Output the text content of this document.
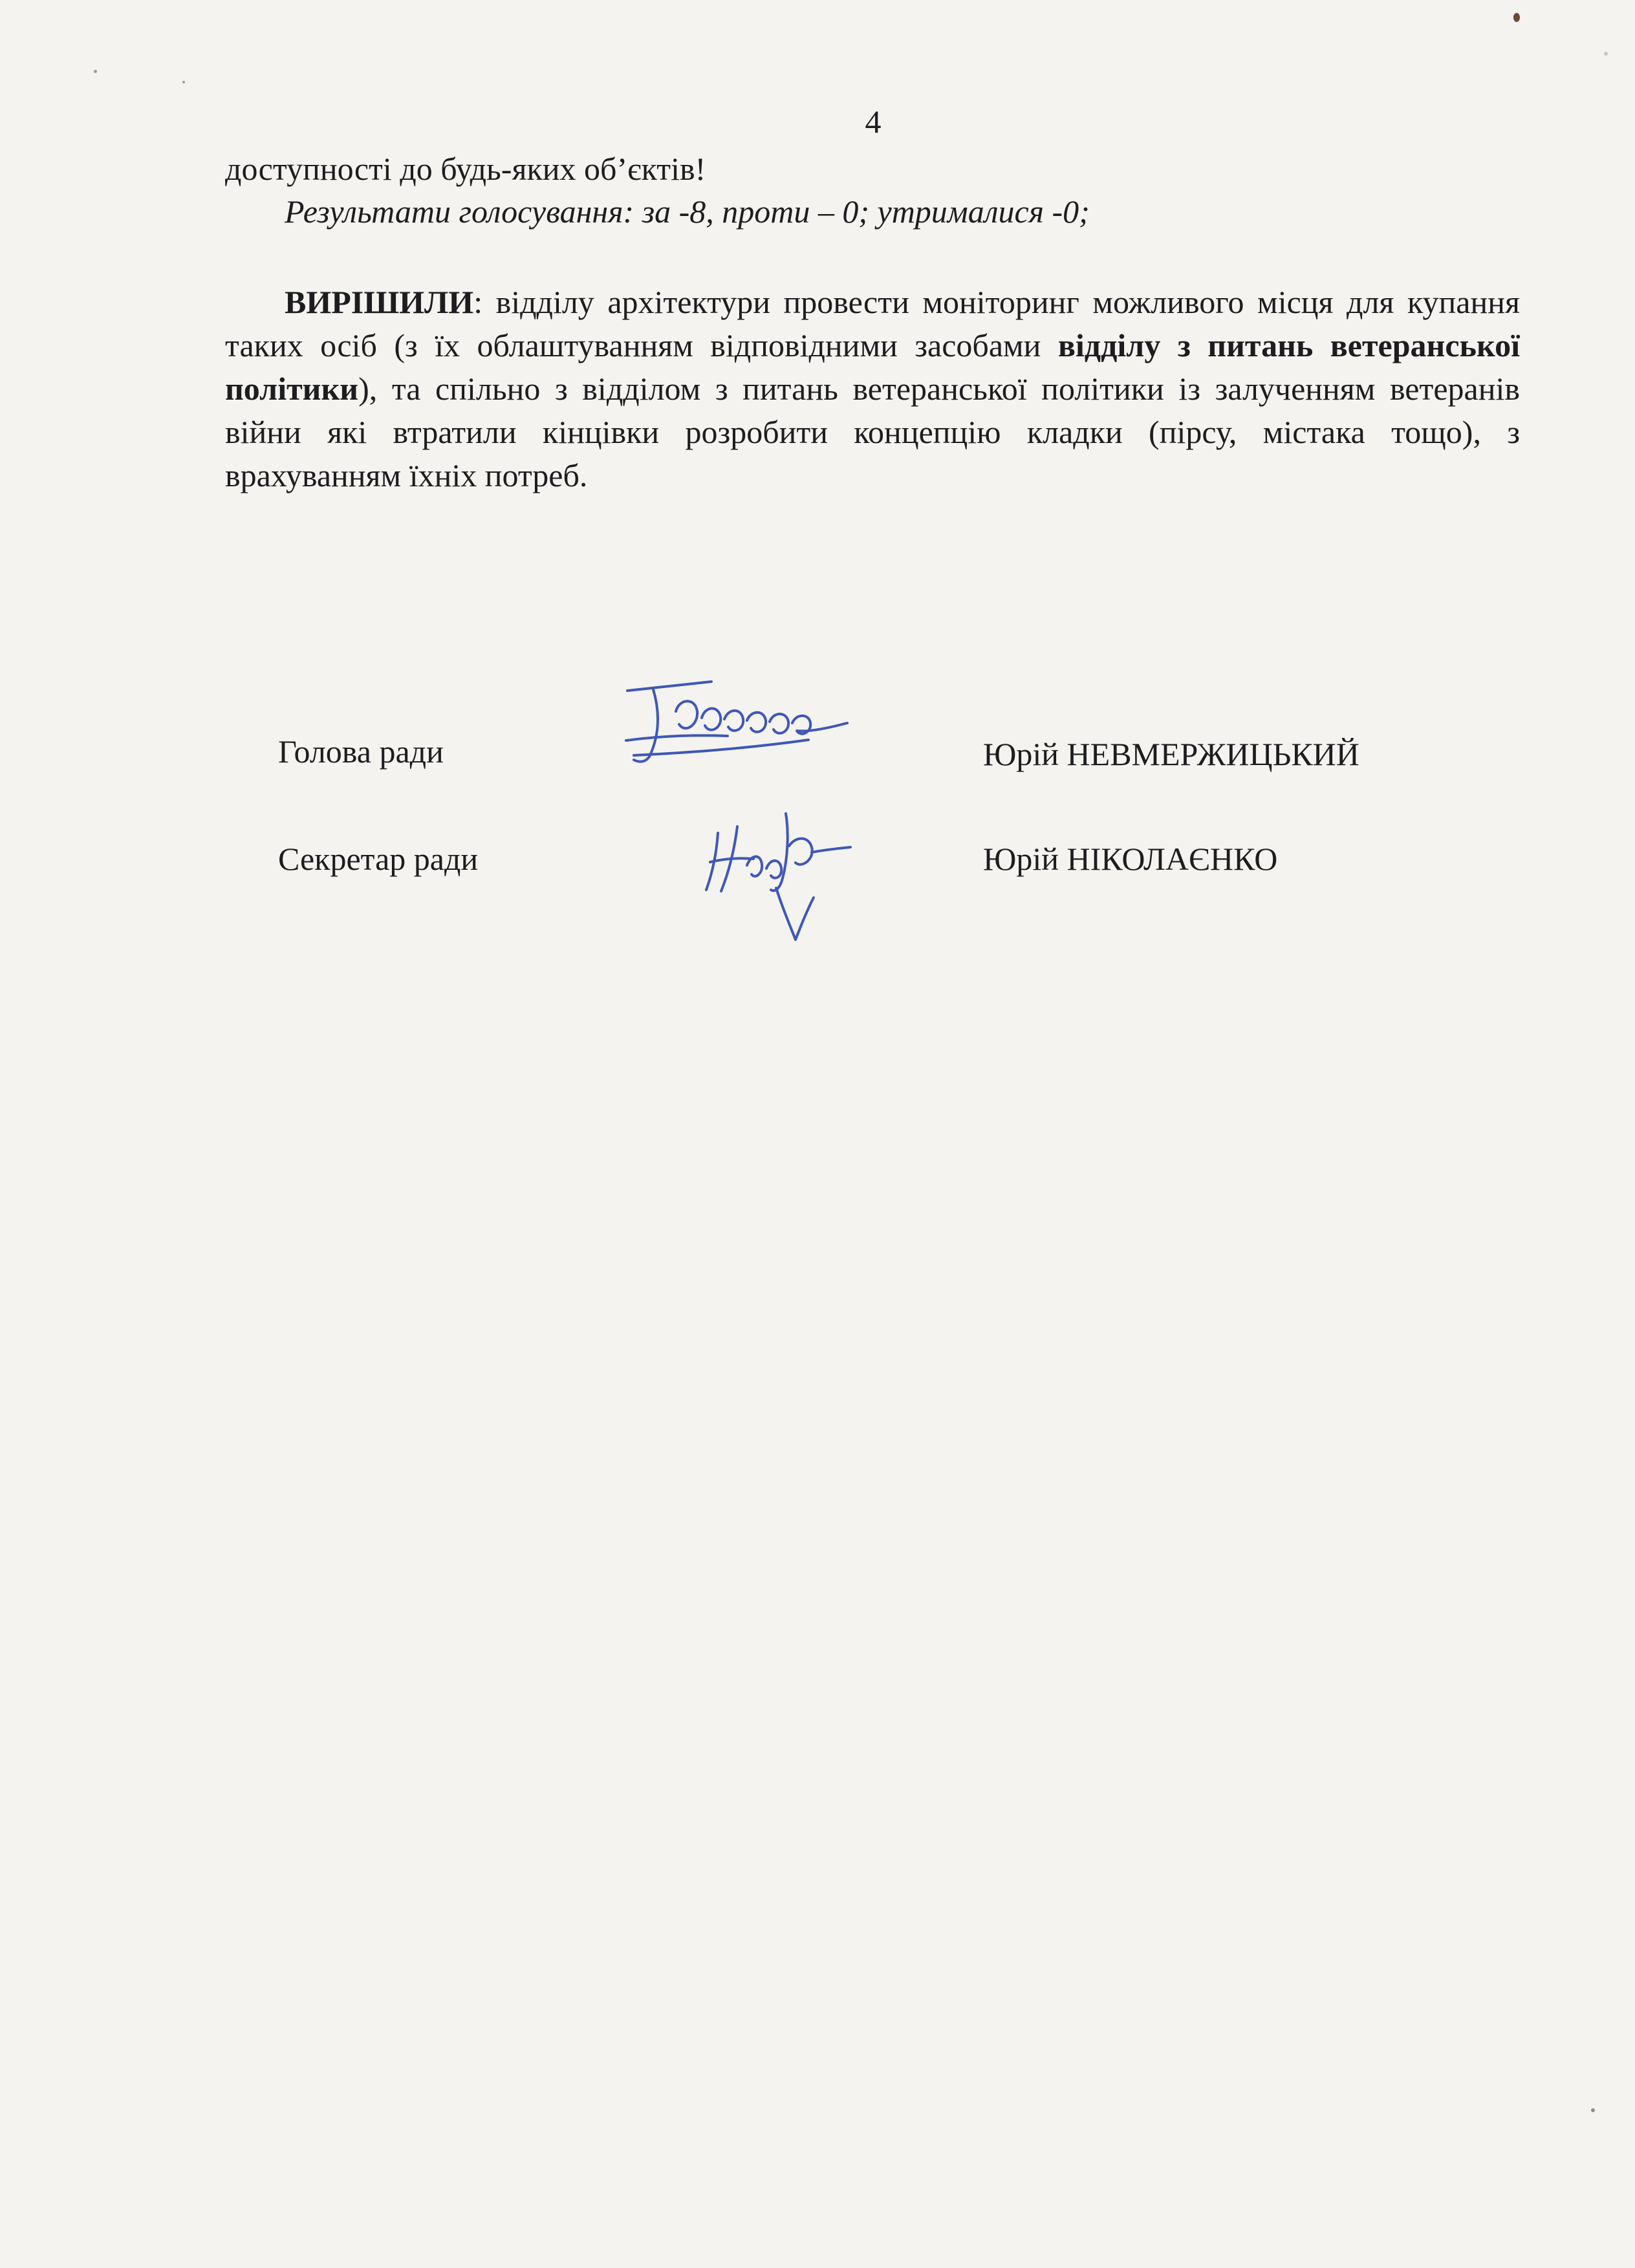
4
доступності до будь-яких об’єктів!
Результати голосування: за -8, проти – 0; утрималися -0;
ВИРІШИЛИ: відділу архітектури провести моніторинг можливого місця для купання таких осіб (з їх облаштуванням відповідними засобами відділу з питань ветеранської політики), та спільно з відділом з питань ветеранської політики із залученням ветеранів війни які втратили кінцівки розробити концепцію кладки (пірсу, містака тощо), з врахуванням їхніх потреб.
Голова ради	Юрій НЕВМЕРЖИЦЬКИЙ
Секретар ради	Юрій НІКОЛАЄНКО
